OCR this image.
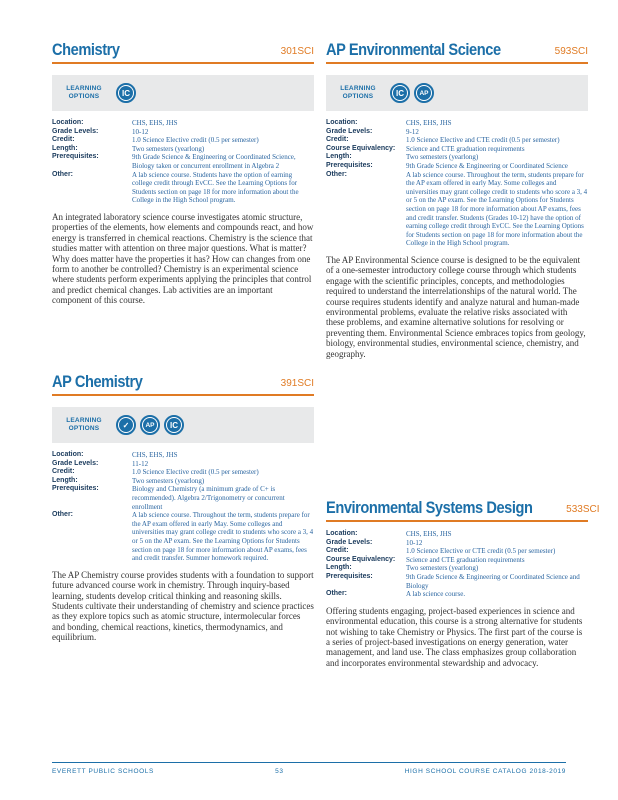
Chemistry	301SCI
LEARNING
OPTIONS	IC
Location:	CHS, EHS, JHS
Grade Levels:	10-12
Credit:	1.0 Science Elective credit (0.5 per semester)
Length:	Two semesters (yearlong)
Prerequisites:	9th Grade Science & Engineering or Coordinated Science, Biology taken or concurrent enrollment in Algebra 2
Other:	A lab science course. Students have the option of earning college credit through EvCC. See the Learning Options for Students section on page 18 for more information about the College in the High School program.
An integrated laboratory science course investigates atomic structure, properties of the elements, how elements and compounds react, and how energy is transferred in chemical reactions. Chemistry is the science that studies matter with attention on three major questions. What is matter? Why does matter have the properties it has? How can changes from one form to another be controlled? Chemistry is an experimental science where students perform experiments applying the principles that control and predict chemical changes. Lab activities are an important component of this course.
AP Chemistry	391SCI
LEARNING
OPTIONS	✓	AP	IC
Location:	CHS, EHS, JHS
Grade Levels:	11-12
Credit:	1.0 Science Elective credit (0.5 per semester)
Length:	Two semesters (yearlong)
Prerequisites:	Biology and Chemistry (a minimum grade of C+ is recommended). Algebra 2/Trigonometry or concurrent enrollment
Other:	A lab science course. Throughout the term, students prepare for the AP exam offered in early May. Some colleges and universities may grant college credit to students who score a 3, 4 or 5 on the AP exam. See the Learning Options for Students section on page 18 for more information about AP exams, fees and credit transfer. Summer homework required.
The AP Chemistry course provides students with a foundation to support future advanced course work in chemistry. Through inquiry-based learning, students develop critical thinking and reasoning skills. Students cultivate their understanding of chemistry and science practices as they explore topics such as atomic structure, intermolecular forces and bonding, chemical reactions, kinetics, thermodynamics, and equilibrium.
AP Environmental Science	593SCI
LEARNING
OPTIONS	IC	AP
Location:	CHS, EHS, JHS
Grade Levels:	9-12
Credit:	1.0 Science Elective and CTE credit (0.5 per semester)
Course Equivalency:	Science and CTE graduation requirements
Length:	Two semesters (yearlong)
Prerequisites:	9th Grade Science & Engineering or Coordinated Science
Other:	A lab science course. Throughout the term, students prepare for the AP exam offered in early May. Some colleges and universities may grant college credit to students who score a 3, 4 or 5 on the AP exam. See the Learning Options for Students section on page 18 for more information about AP exams, fees and credit transfer. Students (Grades 10-12) have the option of earning college credit through EvCC. See the Learning Options for Students section on page 18 for more information about the College in the High School program.
The AP Environmental Science course is designed to be the equivalent of a one-semester introductory college course through which students engage with the scientific principles, concepts, and methodologies required to understand the interrelationships of the natural world. The course requires students identify and analyze natural and human-made environmental problems, evaluate the relative risks associated with these problems, and examine alternative solutions for resolving or preventing them. Environmental Science embraces topics from geology, biology, environmental studies, environmental science, chemistry, and geography.
Environmental Systems Design	533SCI
Location:	CHS, EHS, JHS
Grade Levels:	10-12
Credit:	1.0 Science Elective or CTE credit (0.5 per semester)
Course Equivalency:	Science and CTE graduation requirements
Length:	Two semesters (yearlong)
Prerequisites:	9th Grade Science & Engineering or Coordinated Science and Biology
Other:	A lab science course.
Offering students engaging, project-based experiences in science and environmental education, this course is a strong alternative for students not wishing to take Chemistry or Physics. The first part of the course is a series of project-based investigations on energy generation, water management, and land use. The class emphasizes group collaboration and incorporates environmental stewardship and advocacy.
EVERETT PUBLIC SCHOOLS	53	HIGH SCHOOL COURSE CATALOG 2018-2019
